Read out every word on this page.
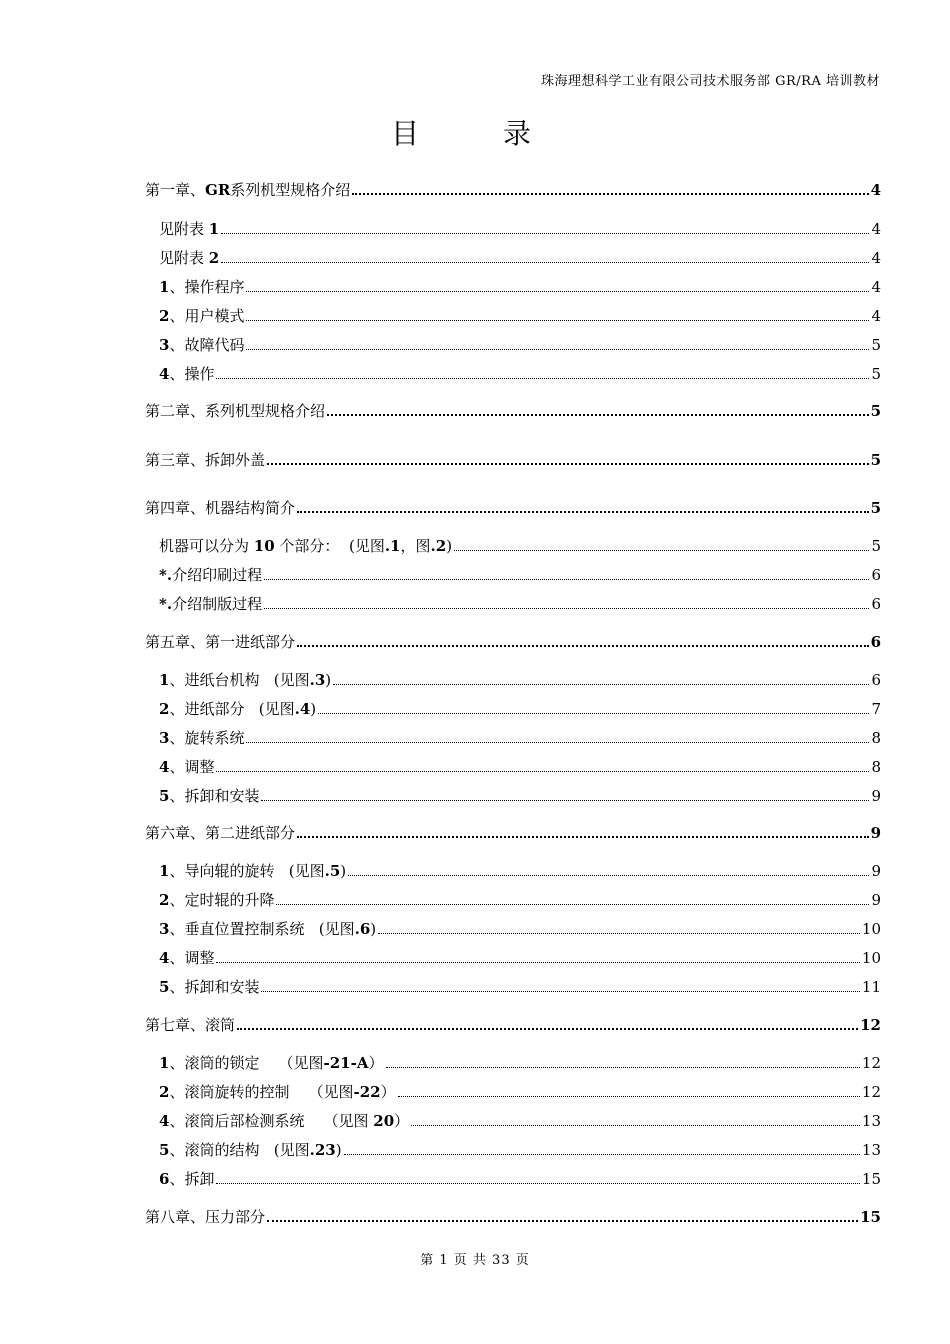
珠海理想科学工业有限公司技术服务部 GR/RA 培训教材
目　录
第一章、GR系列机型规格介绍	4
见附表 1	4
见附表 2	4
1、操作程序	4
2、用户模式	4
3、故障代码	5
4、操作	5
第二章、系列机型规格介绍	5
第三章、拆卸外盖	5
第四章、机器结构简介	5
机器可以分为 10 个部分：  (见图.1，图.2)	5
*.介绍印刷过程	6
*.介绍制版过程	6
第五章、第一进纸部分	6
1、进纸台机构   (见图.3)	6
2、进纸部分   (见图.4)	7
3、旋转系统	8
4、调整	8
5、拆卸和安装	9
第六章、第二进纸部分	9
1、导向辊的旋转   (见图.5)	9
2、定时辊的升降	9
3、垂直位置控制系统   (见图.6)	10
4、调整	10
5、拆卸和安装	11
第七章、滚筒	12
1、滚筒的锁定    （见图-21-A）	12
2、滚筒旋转的控制    （见图-22）	12
4、滚筒后部检测系统    （见图 20）	13
5、滚筒的结构   (见图.23)	13
6、拆卸	15
第八章、压力部分	15
第 1 页 共 33 页
